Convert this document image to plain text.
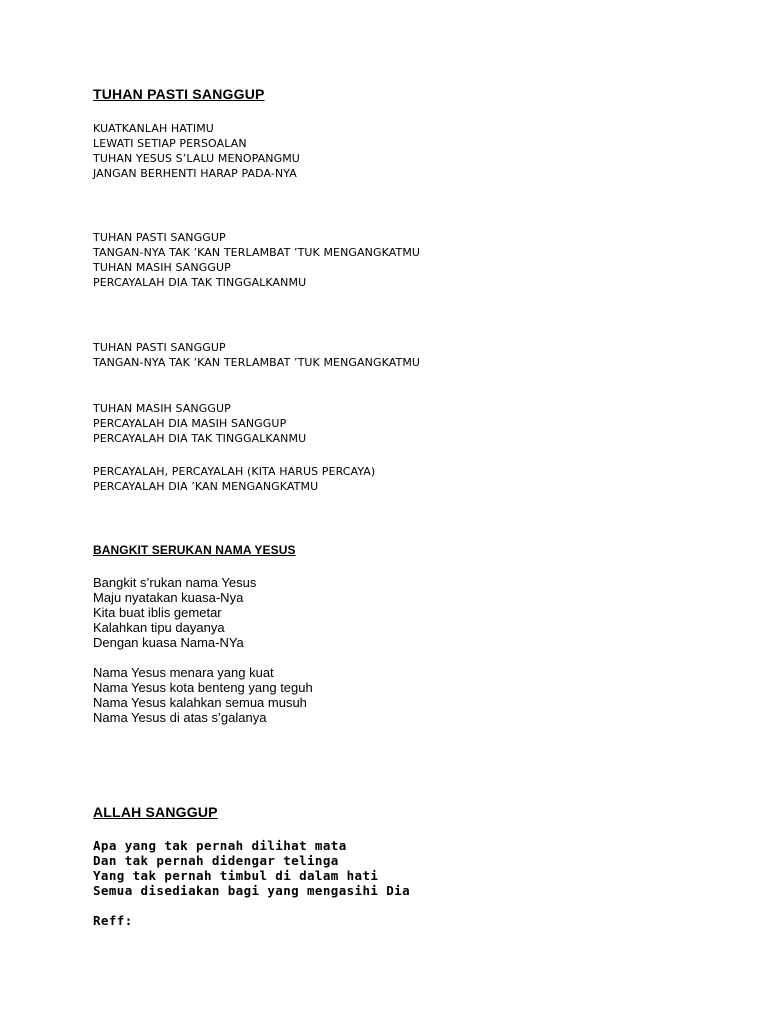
TUHAN PASTI SANGGUP
KUATKANLAH HATIMU
LEWATI SETIAP PERSOALAN
TUHAN YESUS S’LALU MENOPANGMU
JANGAN BERHENTI HARAP PADA-NYA
TUHAN PASTI SANGGUP
TANGAN-NYA TAK ’KAN TERLAMBAT ’TUK MENGANGKATMU
TUHAN MASIH SANGGUP
PERCAYALAH DIA TAK TINGGALKANMU
TUHAN PASTI SANGGUP
TANGAN-NYA TAK ’KAN TERLAMBAT ’TUK MENGANGKATMU
TUHAN MASIH SANGGUP
PERCAYALAH DIA MASIH SANGGUP
PERCAYALAH DIA TAK TINGGALKANMU
PERCAYALAH, PERCAYALAH (KITA HARUS PERCAYA)
PERCAYALAH DIA ’KAN MENGANGKATMU
BANGKIT SERUKAN NAMA YESUS
Bangkit s’rukan nama Yesus
Maju nyatakan kuasa-Nya
Kita buat iblis gemetar
Kalahkan tipu dayanya
Dengan kuasa Nama-NYa
Nama Yesus menara yang kuat
Nama Yesus kota benteng yang teguh
Nama Yesus kalahkan semua musuh
Nama Yesus di atas s’galanya
ALLAH SANGGUP
Apa yang tak pernah dilihat mata
Dan tak pernah didengar telinga
Yang tak pernah timbul di dalam hati
Semua disediakan bagi yang mengasihi Dia
Reff:
